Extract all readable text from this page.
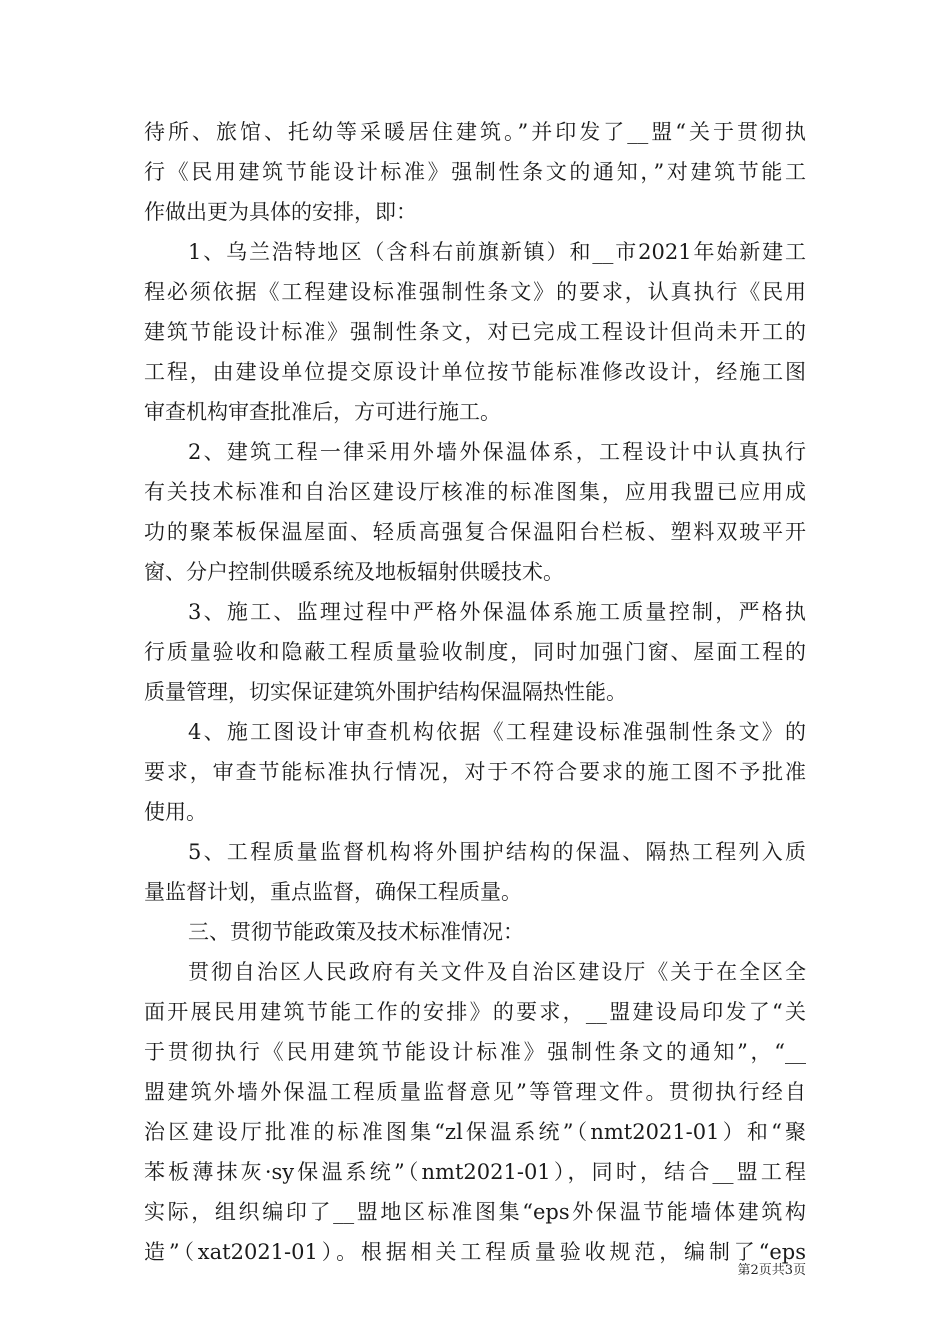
待所、旅馆、托幼等采暖居住建筑。”并印发了__盟“关于贯彻执
行《民用建筑节能设计标准》强制性条文的通知，”对建筑节能工
作做出更为具体的安排，即：
1、乌兰浩特地区（含科右前旗新镇）和__市2021年始新建工
程必须依据《工程建设标准强制性条文》的要求，认真执行《民用
建筑节能设计标准》强制性条文，对已完成工程设计但尚未开工的
工程，由建设单位提交原设计单位按节能标准修改设计，经施工图
审查机构审查批准后，方可进行施工。
2、建筑工程一律采用外墙外保温体系，工程设计中认真执行
有关技术标准和自治区建设厅核准的标准图集，应用我盟已应用成
功的聚苯板保温屋面、轻质高强复合保温阳台栏板、塑料双玻平开
窗、分户控制供暖系统及地板辐射供暖技术。
3、施工、监理过程中严格外保温体系施工质量控制，严格执
行质量验收和隐蔽工程质量验收制度，同时加强门窗、屋面工程的
质量管理，切实保证建筑外围护结构保温隔热性能。
4、施工图设计审查机构依据《工程建设标准强制性条文》的
要求，审查节能标准执行情况，对于不符合要求的施工图不予批准
使用。
5、工程质量监督机构将外围护结构的保温、隔热工程列入质
量监督计划，重点监督，确保工程质量。
三、贯彻节能政策及技术标准情况：
贯彻自治区人民政府有关文件及自治区建设厅《关于在全区全
面开展民用建筑节能工作的安排》的要求，__盟建设局印发了“关
于贯彻执行《民用建筑节能设计标准》强制性条文的通知”，“__
盟建筑外墙外保温工程质量监督意见”等管理文件。贯彻执行经自
治区建设厅批准的标准图集“zl保温系统”（nmt2021-01）和“聚
苯板薄抹灰·sy保温系统”（nmt2021-01），同时，结合__盟工程
实际，组织编印了__盟地区标准图集“eps外保温节能墙体建筑构
造”（xat2021-01）。根据相关工程质量验收规范，编制了“eps
第2页共3页
